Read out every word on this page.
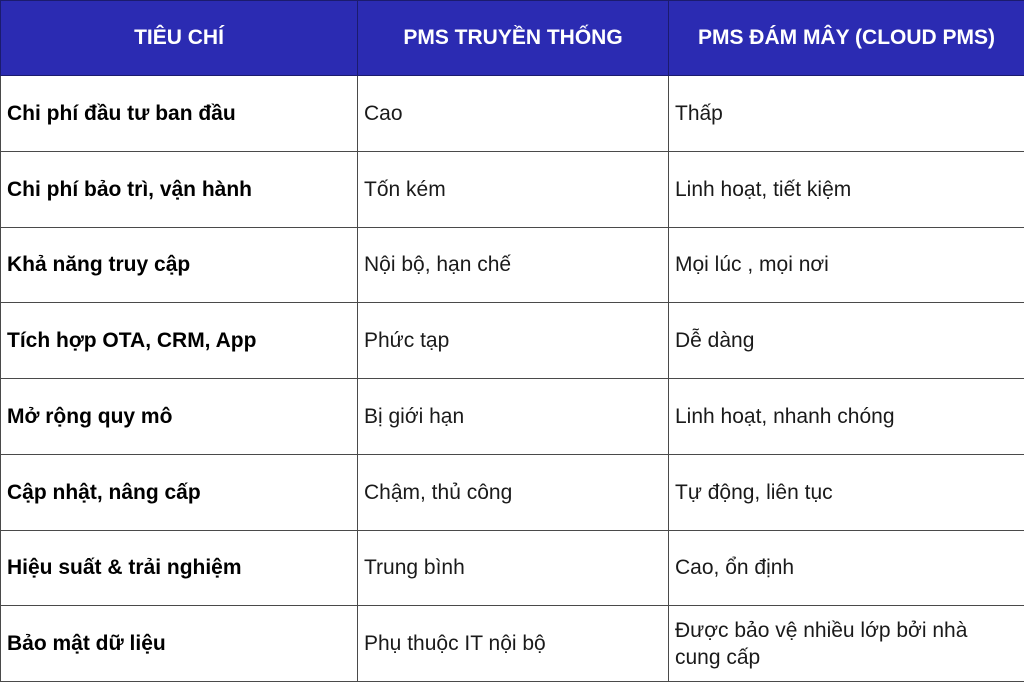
TIÊU CHÍ	PMS TRUYỀN THỐNG	PMS ĐÁM MÂY (CLOUD PMS)
Chi phí đầu tư ban đầu	Cao	Thấp
Chi phí bảo trì, vận hành	Tốn kém	Linh hoạt, tiết kiệm
Khả năng truy cập	Nội bộ, hạn chế	Mọi lúc , mọi nơi
Tích hợp OTA, CRM, App	Phức tạp	Dễ dàng
Mở rộng quy mô	Bị giới hạn	Linh hoạt, nhanh chóng
Cập nhật, nâng cấp	Chậm, thủ công	Tự động, liên tục
Hiệu suất & trải nghiệm	Trung bình	Cao, ổn định
Bảo mật dữ liệu	Phụ thuộc IT nội bộ	Được bảo vệ nhiều lớp bởi nhà cung cấp
